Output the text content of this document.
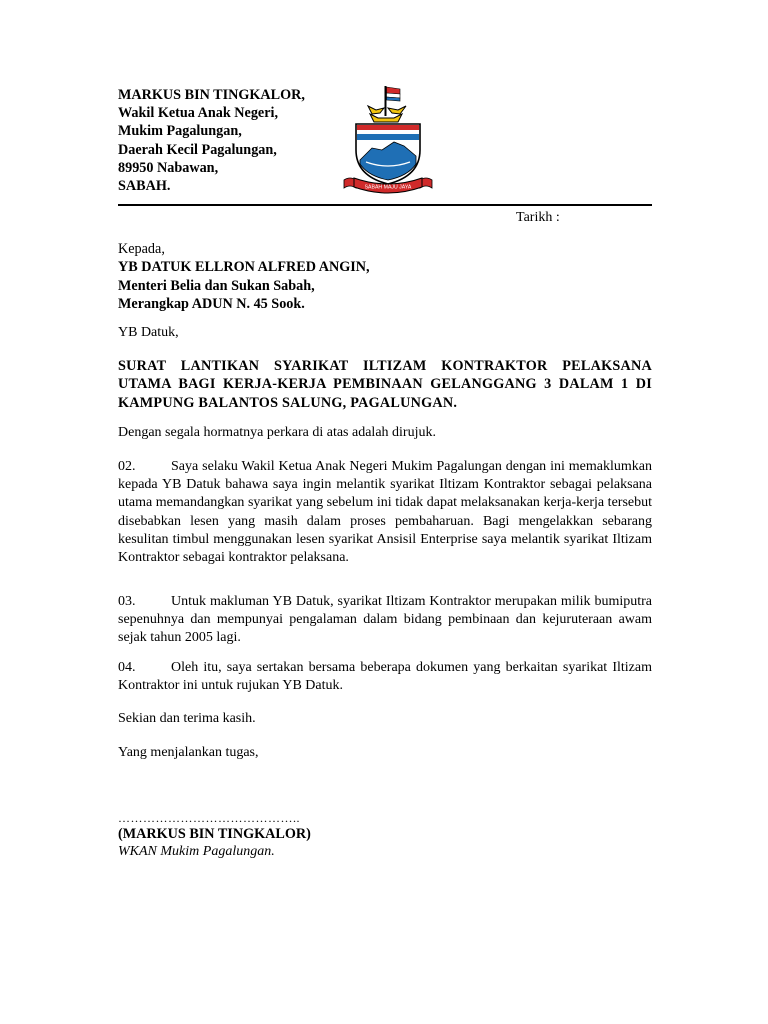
MARKUS BIN TINGKALOR,
Wakil Ketua Anak Negeri,
Mukim Pagalungan,
Daerah Kecil Pagalungan,
89950 Nabawan,
SABAH.	SABAH MAJU JAYA
Tarikh :
Kepada,
YB DATUK ELLRON ALFRED ANGIN,
Menteri Belia dan Sukan Sabah,
Merangkap ADUN N. 45 Sook.
YB Datuk,
SURAT LANTIKAN SYARIKAT ILTIZAM KONTRAKTOR PELAKSANA UTAMA BAGI KERJA-KERJA PEMBINAAN GELANGGANG 3 DALAM 1 DI KAMPUNG BALANTOS SALUNG, PAGALUNGAN.
Dengan segala hormatnya perkara di atas adalah dirujuk.
02.	Saya selaku Wakil Ketua Anak Negeri Mukim Pagalungan dengan ini memaklumkan kepada YB Datuk bahawa saya ingin melantik syarikat Iltizam Kontraktor sebagai pelaksana utama memandangkan syarikat yang sebelum ini tidak dapat melaksanakan kerja-kerja tersebut disebabkan lesen yang masih dalam proses pembaharuan. Bagi mengelakkan sebarang kesulitan timbul menggunakan lesen syarikat Ansisil Enterprise saya melantik syarikat Iltizam Kontraktor sebagai kontraktor pelaksana.
03.	Untuk makluman YB Datuk, syarikat Iltizam Kontraktor merupakan milik bumiputra sepenuhnya dan mempunyai pengalaman dalam bidang pembinaan dan kejuruteraan awam sejak tahun 2005 lagi.
04.	Oleh itu, saya sertakan bersama beberapa dokumen yang berkaitan syarikat Iltizam Kontraktor ini untuk rujukan YB Datuk.
Sekian dan terima kasih.
Yang menjalankan tugas,
……………………………………..
(MARKUS BIN TINGKALOR)
WKAN Mukim Pagalungan.
